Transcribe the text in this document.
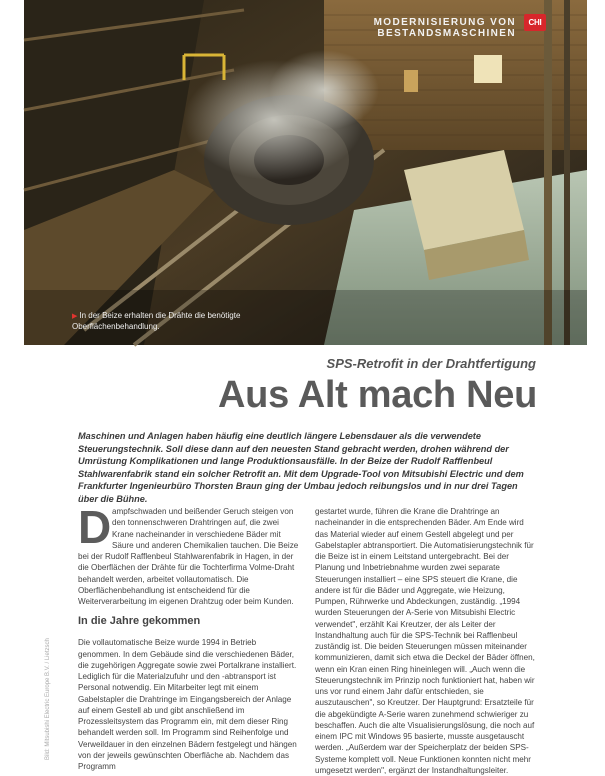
▶ In der Beize erhalten die Drähte die benötigte Oberflächenbehandlung.
MODERNISIERUNG VON BESTANDSMASCHINEN
CHI
Bild: Mitsubishi Electric Europe B.V. / Lietzsch
SPS-Retrofit in der Drahtfertigung
Aus Alt mach Neu
Maschinen und Anlagen haben häufig eine deutlich längere Lebensdauer als die verwendete Steuerungstechnik. Soll diese dann auf den neuesten Stand gebracht werden, drohen während der Umrüstung Komplikationen und lange Produktionsausfälle. In der Beize der Rudolf Rafflenbeul Stahlwarenfabrik stand ein solcher Retrofit an. Mit dem Upgrade-Tool von Mitsubishi Electric und dem Frankfurter Ingenieurbüro Thorsten Braun ging der Umbau jedoch reibungslos und in nur drei Tagen über die Bühne.

Dampfschwaden und beißender Geruch steigen von den tonnenschweren Drahtringen auf, die zwei Krane nacheinander in verschiedene Bäder mit Säure und anderen Chemikalien tauchen. Die Beize bei der Rudolf Rafflenbeul Stahlwarenfabrik in Hagen, in der die Oberflächen der Drähte für die Tochterfirma Volme-Draht behandelt werden, arbeitet vollautomatisch. Die Oberflächenbehandlung ist entscheidend für die Weiterverarbeitung im eigenen Drahtzug oder beim Kunden.

In die Jahre gekommen

Die vollautomatische Beize wurde 1994 in Betrieb genommen. In dem Gebäude sind die verschiedenen Bäder, die zugehörigen Aggregate sowie zwei Portalkrane installiert. Lediglich für die Materialzufuhr und den -abtransport ist Personal notwendig. Ein Mitarbeiter legt mit einem Gabelstapler die Drahtringe im Eingangsbereich der Anlage auf einem Gestell ab und gibt anschließend im Prozessleitsystem das Programm ein, mit dem dieser Ring behandelt werden soll. Im Programm sind Reihenfolge und Verweildauer in den einzelnen Bädern festgelegt und hängen von der jeweils gewünschten Oberfläche ab. Nachdem das Programm

gestartet wurde, führen die Krane die Drahtringe an nacheinander in die entsprechenden Bäder. Am Ende wird das Material wieder auf einem Gestell abgelegt und per Gabelstapler abtransportiert. Die Automatisierungstechnik für die Beize ist in einem Leitstand untergebracht. Bei der Planung und Inbetriebnahme wurden zwei separate Steuerungen installiert – eine SPS steuert die Krane, die andere ist für die Bäder und Aggregate, wie Heizung, Pumpen, Rührwerke und Abdeckungen, zuständig. „1994 wurden Steuerungen der A-Serie von Mitsubishi Electric verwendet", erzählt Kai Kreutzer, der als Leiter der Instandhaltung auch für die SPS-Technik bei Rafflenbeul zuständig ist. Die beiden Steuerungen müssen miteinander kommunizieren, damit sich etwa die Deckel der Bäder öffnen, wenn ein Kran einen Ring hineinlegen will. „Auch wenn die Steuerungstechnik im Prinzip noch funktioniert hat, haben wir uns vor rund einem Jahr dafür entschieden, sie auszutauschen", so Kreutzer. Der Hauptgrund: Ersatzteile für die abgekündigte A-Serie waren zunehmend schwieriger zu beschaffen. Auch die alte Visualisierungslösung, die noch auf einem IPC mit Windows 95 basierte, musste ausgetauscht werden. „Außerdem war der Speicherplatz der beiden SPS-Systeme komplett voll. Neue Funktionen konnten nicht mehr umgesetzt werden", ergänzt der Instandhaltungsleiter.
